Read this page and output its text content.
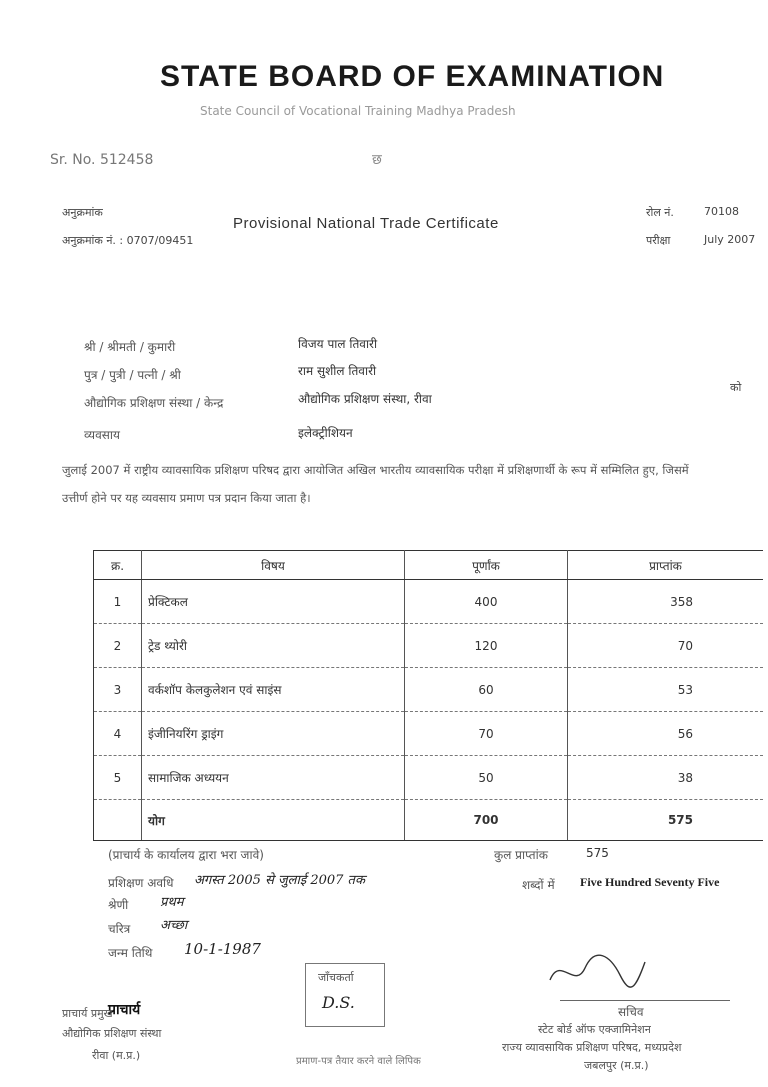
STATE BOARD OF EXAMINATION
State Council of Vocational Training Madhya Pradesh
Sr. No. 512458	छ
अनुक्रमांक
अनुक्रमांक नं. : 0707/09451
Provisional National Trade Certificate
रोल नं.	70108
परीक्षा	July 2007
श्री / श्रीमती / कुमारी	विजय पाल तिवारी
पुत्र / पुत्री / पत्नी / श्री	राम सुशील तिवारी
औद्योगिक प्रशिक्षण संस्था / केन्द्र	औद्योगिक प्रशिक्षण संस्था, रीवा
को
व्यवसाय	इलेक्ट्रीशियन
जुलाई 2007 में राष्ट्रीय व्यावसायिक प्रशिक्षण परिषद द्वारा आयोजित अखिल भारतीय व्यावसायिक परीक्षा में प्रशिक्षणार्थी के रूप में सम्मिलित हुए, जिसमें उत्तीर्ण होने पर यह व्यवसाय प्रमाण पत्र प्रदान किया जाता है।
क्र.	विषय	पूर्णांक	प्राप्तांक
1	प्रेक्टिकल	400	358
2	ट्रेड थ्योरी	120	70
3	वर्कशॉप केलकुलेशन एवं साइंस	60	53
4	इंजीनियरिंग ड्राइंग	70	56
5	सामाजिक अध्ययन	50	38
	योग	700	575
(प्राचार्य के कार्यालय द्वारा भरा जावे)	कुल प्राप्तांक	575
प्रशिक्षण अवधि अगस्त 2005 से जुलाई 2007 तक	शब्दों में Five Hundred Seventy Five
श्रेणी प्रथम
चरित्र अच्छा
जन्म तिथि 10-1-1987
जाँचकर्ता
D.S.
प्राचार्य
प्राचार्य प्रमुख
औद्योगिक प्रशिक्षण संस्था
रीवा (म.प्र.)	प्रमाण-पत्र तैयार करने वाले लिपिक
सचिव
स्टेट बोर्ड ऑफ एक्जामिनेशन
राज्य व्यावसायिक प्रशिक्षण परिषद, मध्यप्रदेश
जबलपुर (म.प्र.)
